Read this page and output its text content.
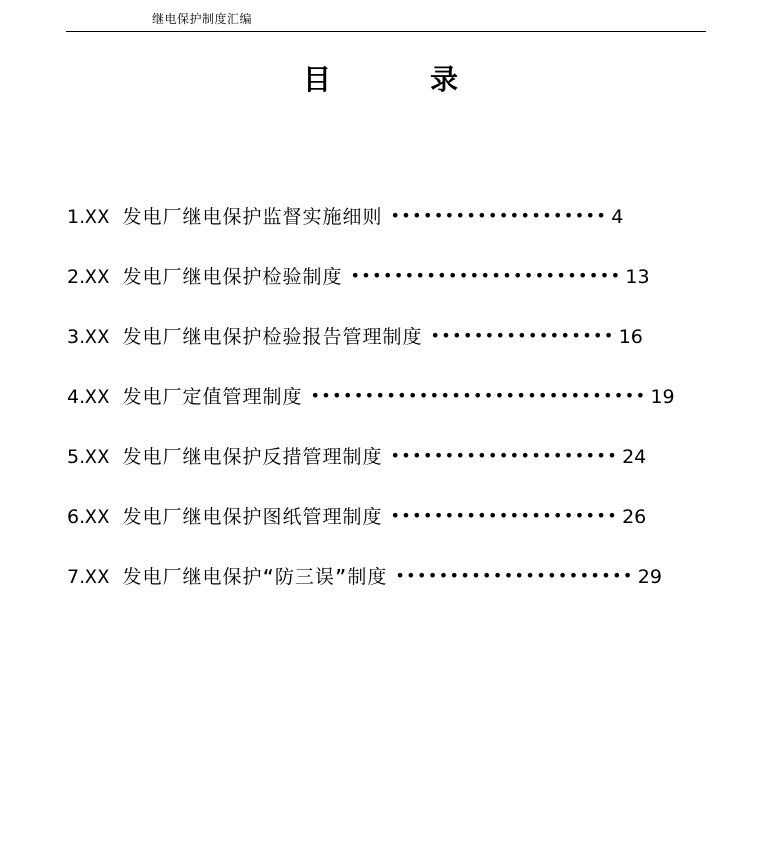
继电保护制度汇编
目	录
1.XX 发电厂继电保护监督实施细则 •••••••••••••••••••• 4
2.XX 发电厂继电保护检验制度 ••••••••••••••••••••••••• 13
3.XX 发电厂继电保护检验报告管理制度 ••••••••••••••••• 16
4.XX 发电厂定值管理制度 ••••••••••••••••••••••••••••••• 19
5.XX 发电厂继电保护反措管理制度 ••••••••••••••••••••• 24
6.XX 发电厂继电保护图纸管理制度 ••••••••••••••••••••• 26
7.XX 发电厂继电保护“防三误”制度 •••••••••••••••••••••• 29
